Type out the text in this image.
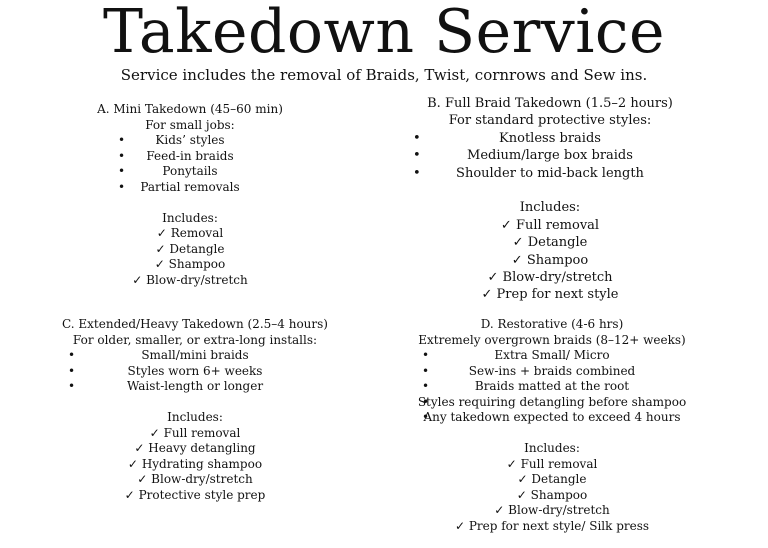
Takedown Service
Service includes the removal of Braids, Twist, cornrows and Sew ins.
A. Mini Takedown (45–60 min)
For small jobs:
• Kids’ styles
• Feed-in braids
• Ponytails
• Partial removals
Includes:
✓ Removal
✓ Detangle
✓ Shampoo
✓ Blow-dry/stretch
B. Full Braid Takedown (1.5–2 hours)
For standard protective styles:
• Knotless braids
• Medium/large box braids
• Shoulder to mid-back length
Includes:
✓ Full removal
✓ Detangle
✓ Shampoo
✓ Blow-dry/stretch
✓ Prep for next style
C. Extended/Heavy Takedown (2.5–4 hours)
For older, smaller, or extra-long installs:
• Small/mini braids
• Styles worn 6+ weeks
• Waist-length or longer
Includes:
✓ Full removal
✓ Heavy detangling
✓ Hydrating shampoo
✓ Blow-dry/stretch
✓ Protective style prep
D. Restorative (4-6 hrs)
Extremely overgrown braids (8–12+ weeks)
• Extra Small/ Micro
• Sew-ins + braids combined
• Braids matted at the root
• Styles requiring detangling before shampoo
• Any takedown expected to exceed 4 hours
Includes:
✓ Full removal
✓ Detangle
✓ Shampoo
✓ Blow-dry/stretch
✓ Prep for next style/ Silk press
